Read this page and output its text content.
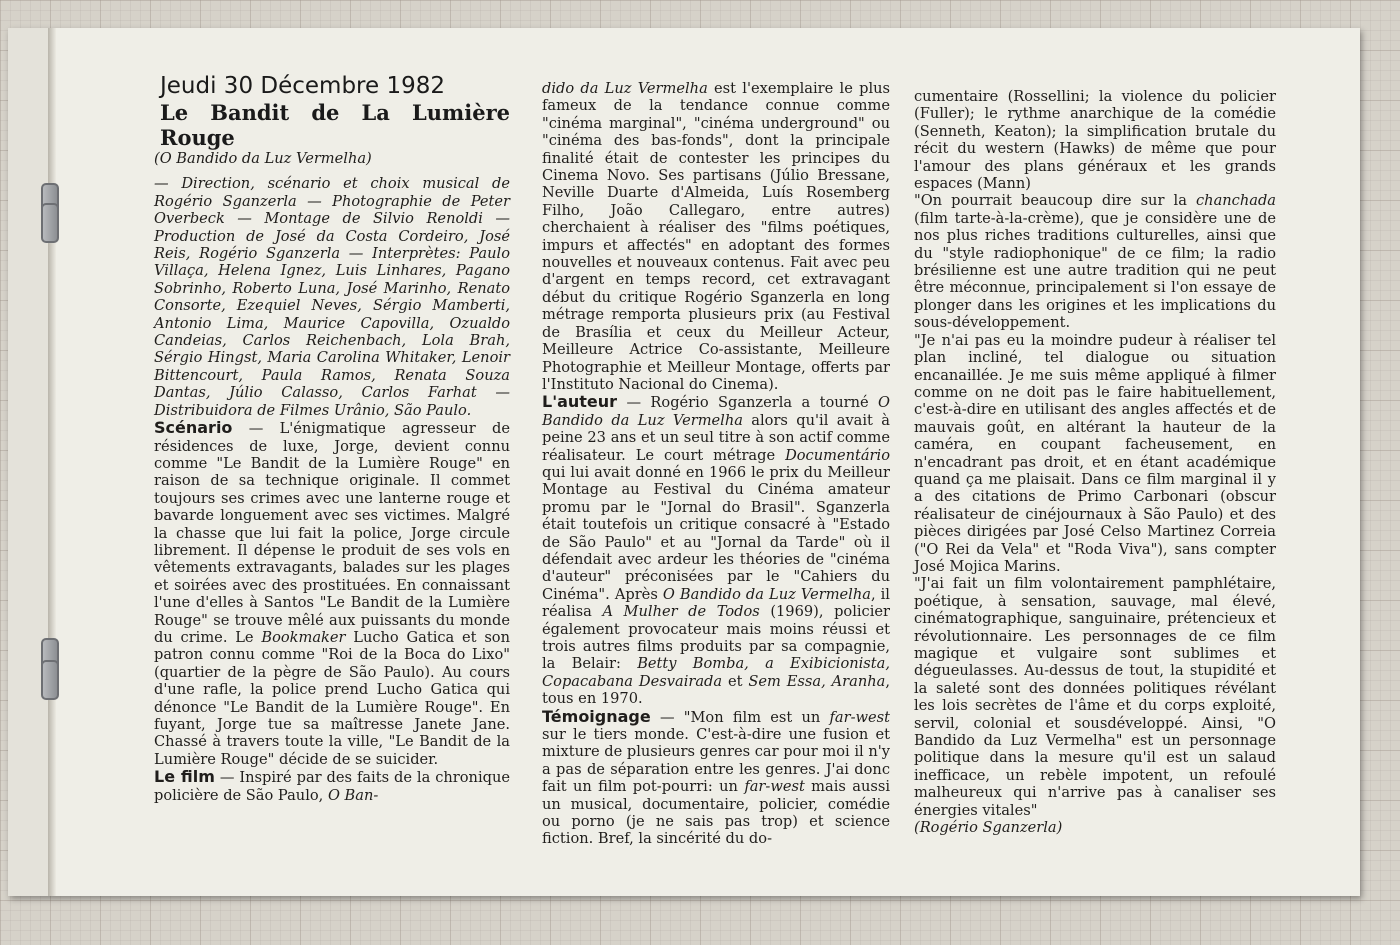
Jeudi 30 Décembre 1982
Le Bandit de La Lumière Rouge
(O Bandido da Luz Vermelha)

— Direction, scénario et choix musical de Rogério Sganzerla — Photographie de Peter Overbeck — Montage de Silvio Renoldi — Production de José da Costa Cordeiro, José Reis, Rogério Sganzerla — Interprètes: Paulo Villaça, Helena Ignez, Luis Linhares, Pagano Sobrinho, Roberto Luna, José Marinho, Renato Consorte, Ezequiel Neves, Sérgio Mamberti, Antonio Lima, Maurice Capovilla, Ozualdo Candeias, Carlos Reichenbach, Lola Brah, Sérgio Hingst, Maria Carolina Whitaker, Lenoir Bittencourt, Paula Ramos, Renata Souza Dantas, Júlio Calasso, Carlos Farhat — Distribuidora de Filmes Urânio, São Paulo.

Scénario — L'énigmatique agresseur de résidences de luxe, Jorge, devient connu comme "Le Bandit de la Lumière Rouge" en raison de sa technique originale. Il commet toujours ses crimes avec une lanterne rouge et bavarde longuement avec ses victimes. Malgré la chasse que lui fait la police, Jorge circule librement. Il dépense le produit de ses vols en vêtements extravagants, balades sur les plages et soirées avec des prostituées. En connaissant l'une d'elles à Santos "Le Bandit de la Lumière Rouge" se trouve mêlé aux puissants du monde du crime. Le Bookmaker Lucho Gatica et son patron connu comme "Roi de la Boca do Lixo" (quartier de la pègre de São Paulo). Au cours d'une rafle, la police prend Lucho Gatica qui dénonce "Le Bandit de la Lumière Rouge". En fuyant, Jorge tue sa maîtresse Janete Jane. Chassé à travers toute la ville, "Le Bandit de la Lumière Rouge" décide de se suicider.

Le film — Inspiré par des faits de la chronique policière de São Paulo, O Ban-

dido da Luz Vermelha est l'exemplaire le plus fameux de la tendance connue comme "cinéma marginal", "cinéma underground" ou "cinéma des bas-fonds", dont la principale finalité était de contester les principes du Cinema Novo. Ses partisans (Júlio Bressane, Neville Duarte d'Almeida, Luís Rosemberg Filho, João Callegaro, entre autres) cherchaient à réaliser des "films poétiques, impurs et affectés" en adoptant des formes nouvelles et nouveaux contenus. Fait avec peu d'argent en temps record, cet extravagant début du critique Rogério Sganzerla en long métrage remporta plusieurs prix (au Festival de Brasília et ceux du Meilleur Acteur, Meilleure Actrice Co-assistante, Meilleure Photographie et Meilleur Montage, offerts par l'Instituto Nacional do Cinema).

L'auteur — Rogério Sganzerla a tourné O Bandido da Luz Vermelha alors qu'il avait à peine 23 ans et un seul titre à son actif comme réalisateur. Le court métrage Documentário qui lui avait donné en 1966 le prix du Meilleur Montage au Festival du Cinéma amateur promu par le "Jornal do Brasil". Sganzerla était toutefois un critique consacré à "Estado de São Paulo" et au "Jornal da Tarde" où il défendait avec ardeur les théories de "cinéma d'auteur" préconisées par le "Cahiers du Cinéma". Après O Bandido da Luz Vermelha, il réalisa A Mulher de Todos (1969), policier également provocateur mais moins réussi et trois autres films produits par sa compagnie, la Belair: Betty Bomba, a Exibicionista, Copacabana Desvairada et Sem Essa, Aranha, tous en 1970.

Témoignage — "Mon film est un far-west sur le tiers monde. C'est-à-dire une fusion et mixture de plusieurs genres car pour moi il n'y a pas de séparation entre les genres. J'ai donc fait un film pot-pourri: un far-west mais aussi un musical, documentaire, policier, comédie ou porno (je ne sais pas trop) et science fiction. Bref, la sincérité du do-

cumentaire (Rossellini; la violence du policier (Fuller); le rythme anarchique de la comédie (Senneth, Keaton); la simplification brutale du récit du western (Hawks) de même que pour l'amour des plans généraux et les grands espaces (Mann)

"On pourrait beaucoup dire sur la chanchada (film tarte-à-la-crème), que je considère une de nos plus riches traditions culturelles, ainsi que du "style radiophonique" de ce film; la radio brésilienne est une autre tradition qui ne peut être méconnue, principalement si l'on essaye de plonger dans les origines et les implications du sous-développement.

"Je n'ai pas eu la moindre pudeur à réaliser tel plan incliné, tel dialogue ou situation encanaillée. Je me suis même appliqué à filmer comme on ne doit pas le faire habituellement, c'est-à-dire en utilisant des angles affectés et de mauvais goût, en altérant la hauteur de la caméra, en coupant facheusement, en n'encadrant pas droit, et en étant académique quand ça me plaisait. Dans ce film marginal il y a des citations de Primo Carbonari (obscur réalisateur de cinéjournaux à São Paulo) et des pièces dirigées par José Celso Martinez Correia ("O Rei da Vela" et "Roda Viva"), sans compter José Mojica Marins.

"J'ai fait un film volontairement pamphlétaire, poétique, à sensation, sauvage, mal élevé, cinématographique, sanguinaire, prétencieux et révolutionnaire. Les personnages de ce film magique et vulgaire sont sublimes et dégueulasses. Au-dessus de tout, la stupidité et la saleté sont des données politiques révélant les lois secrètes de l'âme et du corps exploité, servil, colonial et sousdéveloppé. Ainsi, "O Bandido da Luz Vermelha" est un personnage politique dans la mesure qu'il est un salaud inefficace, un rebèle impotent, un refoulé malheureux qui n'arrive pas à canaliser ses énergies vitales"

(Rogério Sganzerla)
